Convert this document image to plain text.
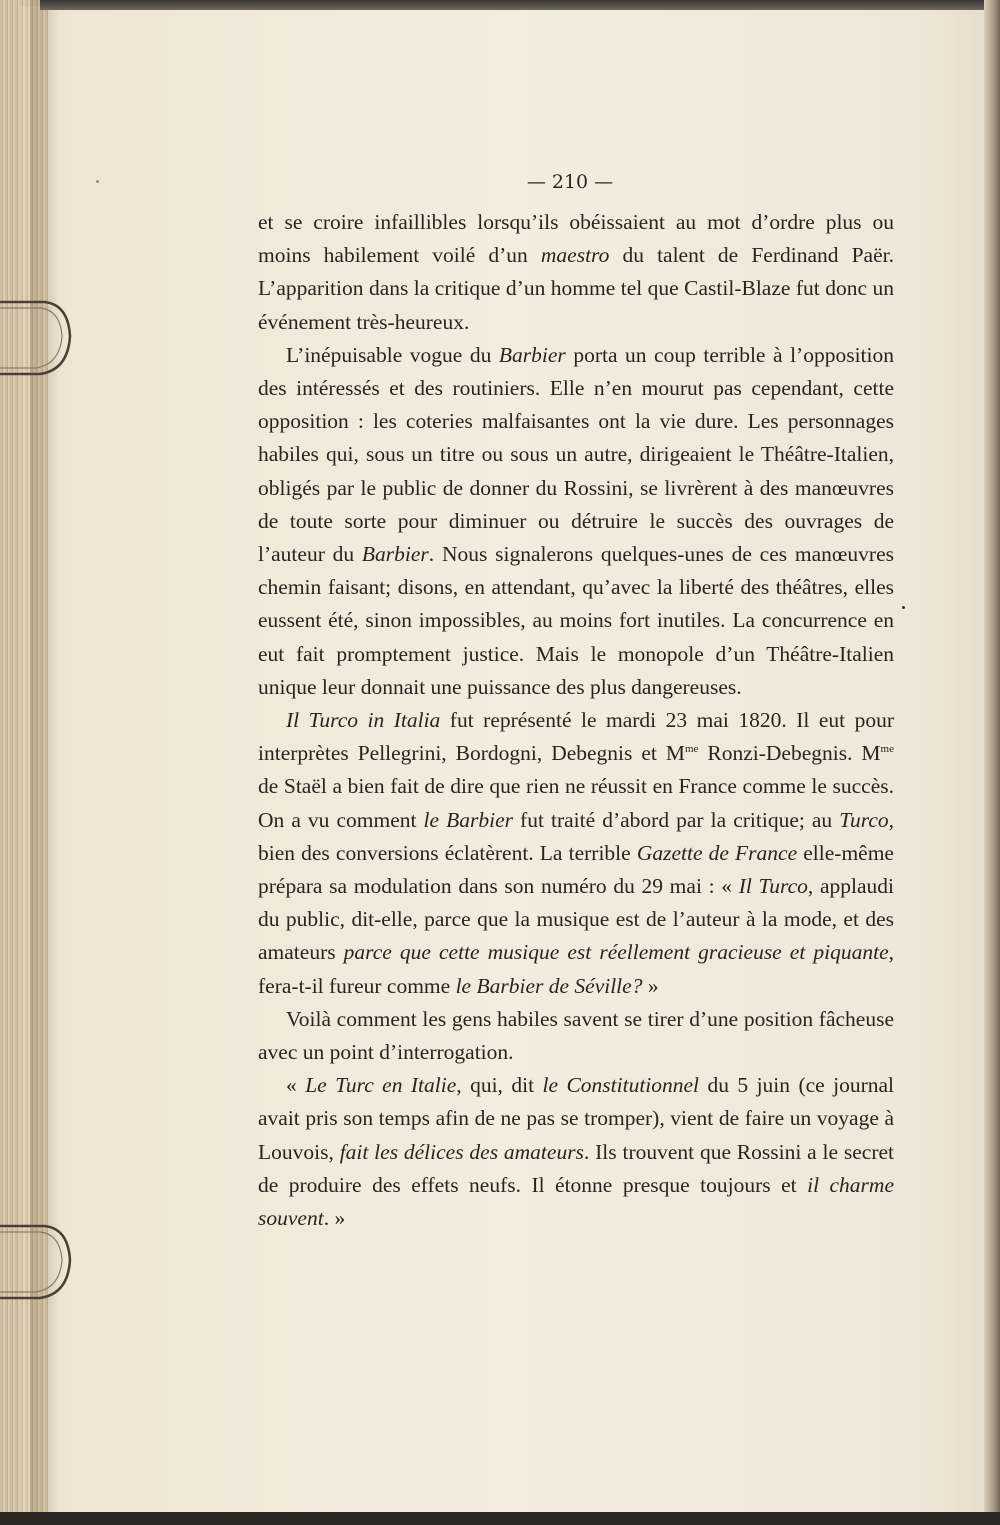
— 210 —

et se croire infaillibles lorsqu’ils obéissaient au mot d’ordre plus ou moins habilement voilé d’un maestro du talent de Ferdinand Paër. L’apparition dans la critique d’un homme tel que Castil-Blaze fut donc un événement très-heureux.

L’inépuisable vogue du Barbier porta un coup terrible à l’opposition des intéressés et des routiniers. Elle n’en mourut pas cependant, cette opposition : les coteries malfaisantes ont la vie dure. Les personnages habiles qui, sous un titre ou sous un autre, dirigeaient le Théâtre-Italien, obligés par le public de donner du Rossini, se livrèrent à des manœuvres de toute sorte pour diminuer ou détruire le succès des ouvrages de l’auteur du Barbier. Nous signalerons quelques-unes de ces manœuvres chemin faisant; disons, en attendant, qu’avec la liberté des théâtres, elles eussent été, sinon impossibles, au moins fort inutiles. La concurrence en eut fait promptement justice. Mais le monopole d’un Théâtre-Italien unique leur donnait une puissance des plus dangereuses.

Il Turco in Italia fut représenté le mardi 23 mai 1820. Il eut pour interprètes Pellegrini, Bordogni, Debegnis et $M^{me}$ Ronzi-Debegnis. $M^{me}$ de Staël a bien fait de dire que rien ne réussit en France comme le succès. On a vu comment le Barbier fut traité d’abord par la critique; au Turco, bien des conversions éclatèrent. La terrible Gazette de France elle-même prépara sa modulation dans son numéro du 29 mai : « Il Turco, applaudi du public, dit-elle, parce que la musique est de l’auteur à la mode, et des amateurs parce que cette musique est réellement gracieuse et piquante, fera-t-il fureur comme le Barbier de Séville? »

Voilà comment les gens habiles savent se tirer d’une position fâcheuse avec un point d’interrogation.

« Le Turc en Italie, qui, dit le Constitutionnel du 5 juin (ce journal avait pris son temps afin de ne pas se tromper), vient de faire un voyage à Louvois, fait les délices des amateurs. Ils trouvent que Rossini a le secret de produire des effets neufs. Il étonne presque toujours et il charme souvent. »
